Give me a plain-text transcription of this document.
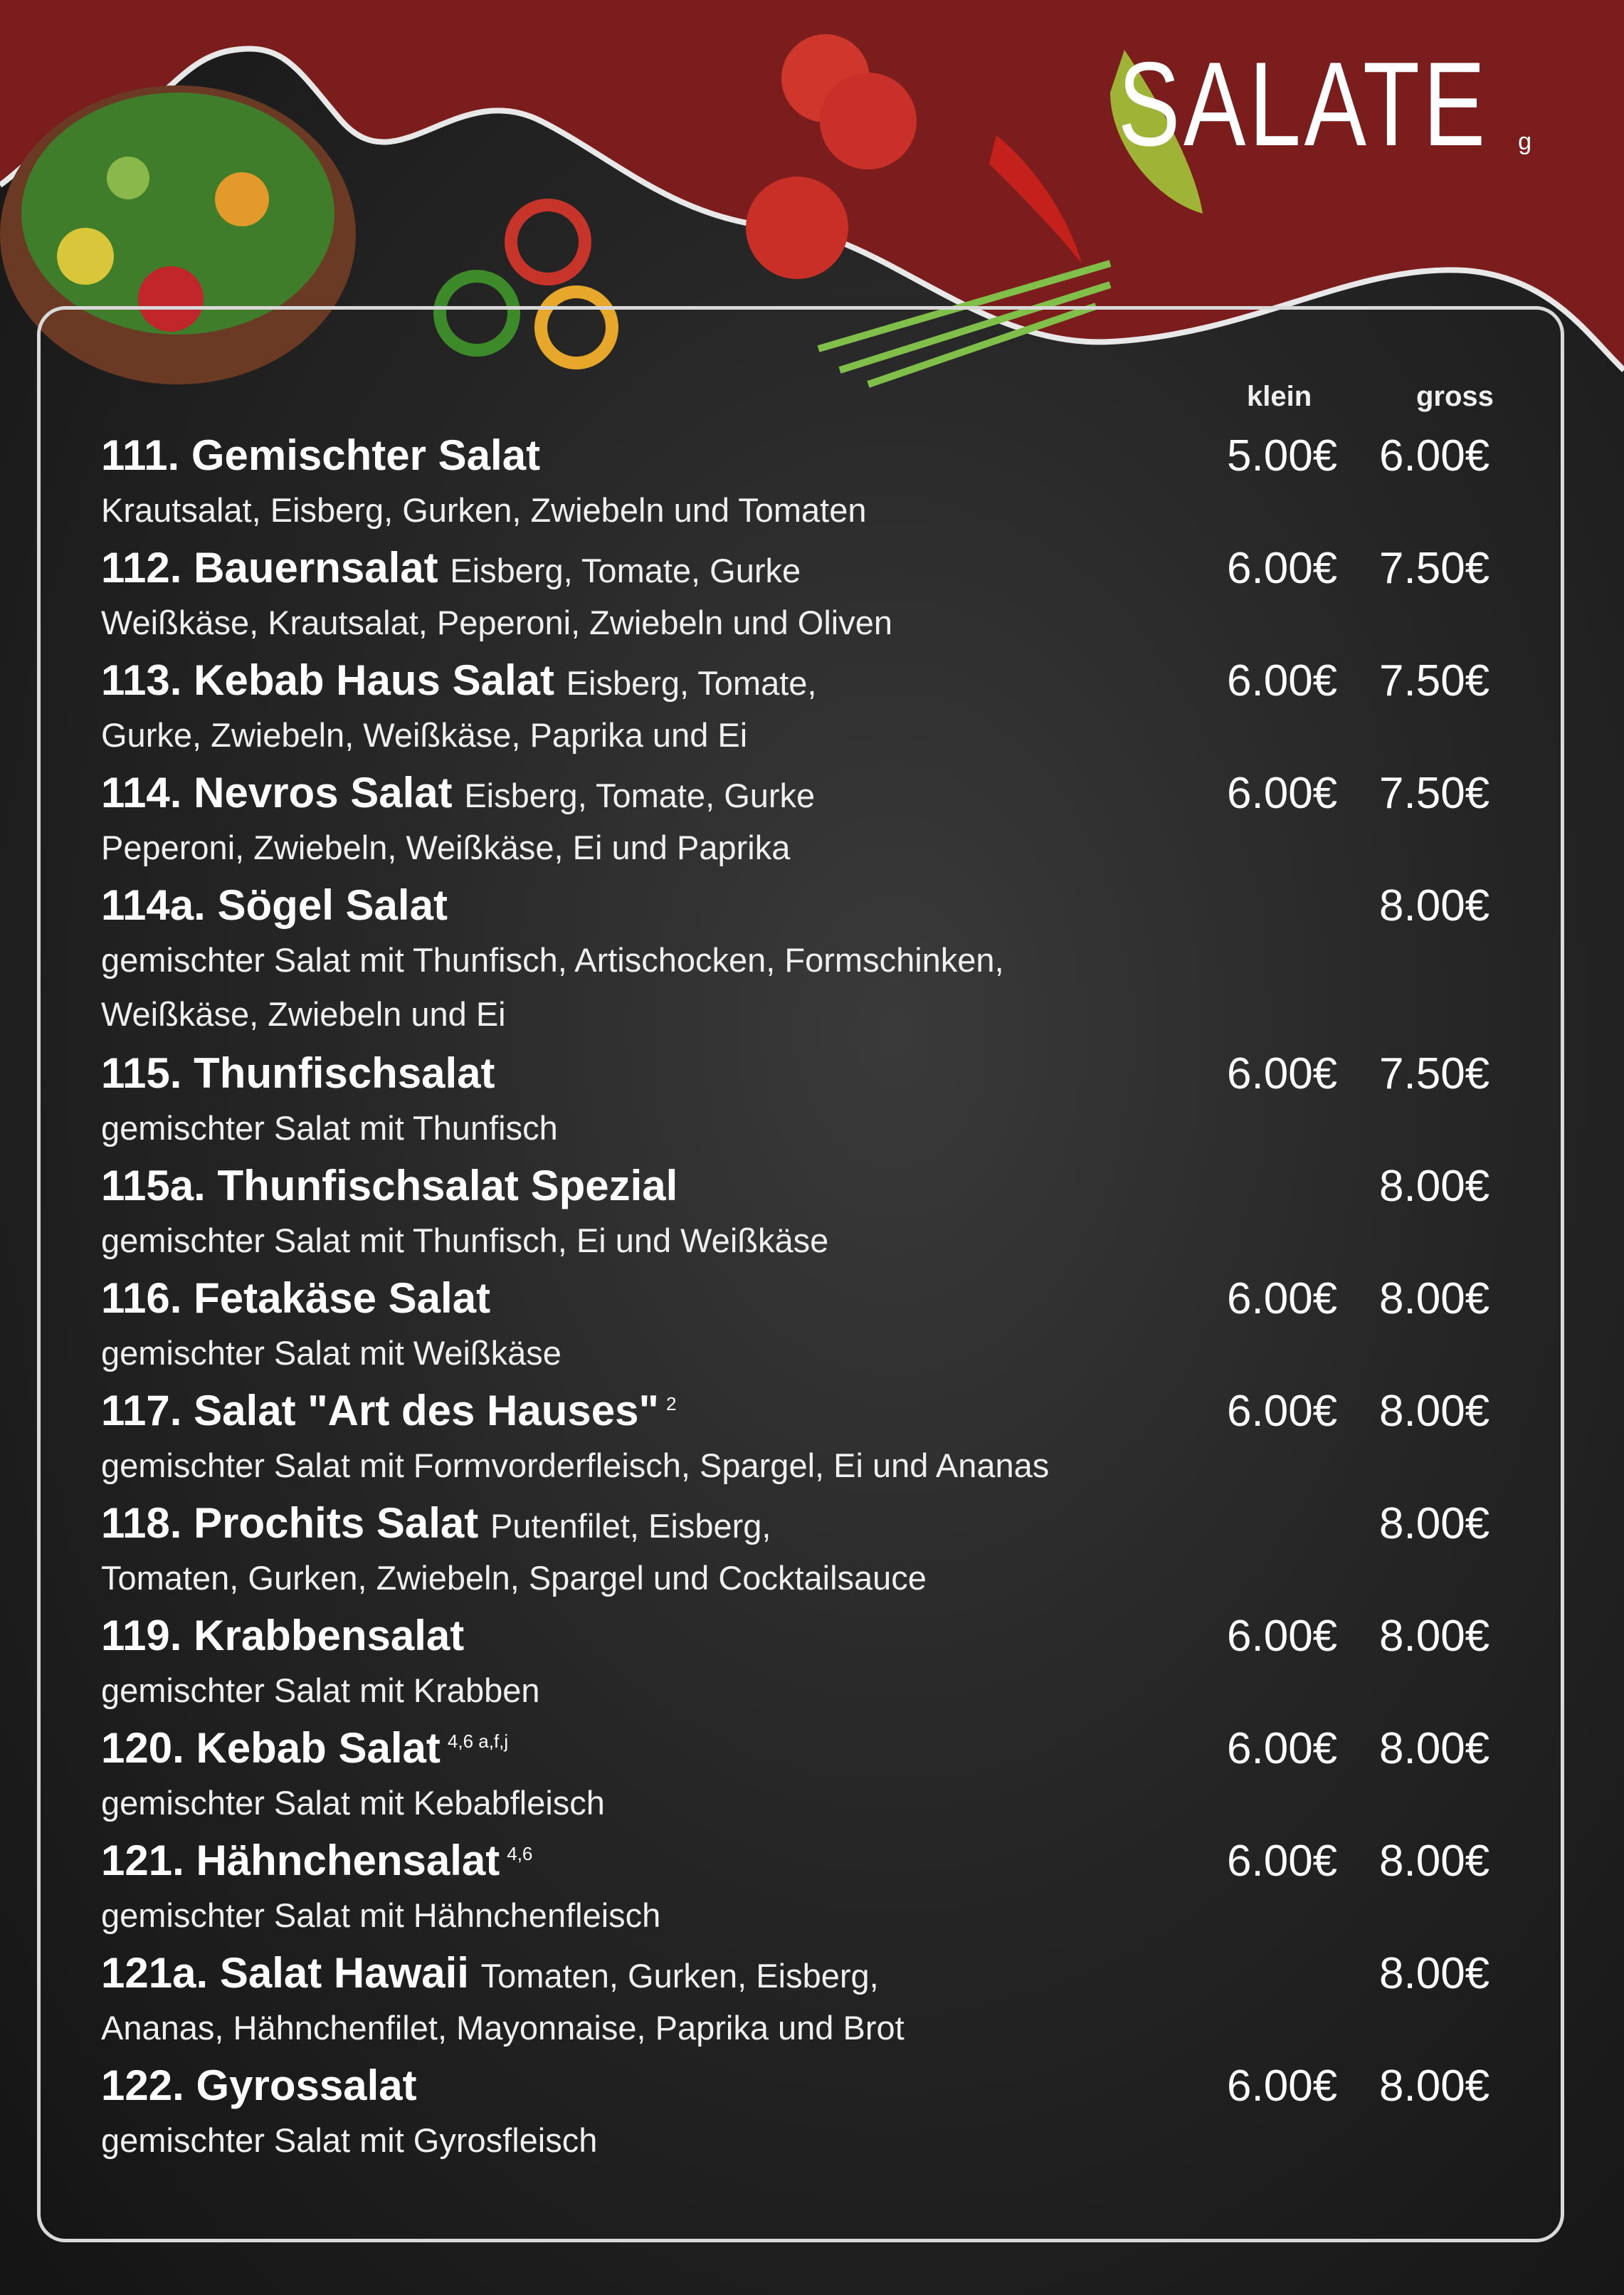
SALATE g
klein	gross
111. Gemischter Salat
Krautsalat, Eisberg, Gurken, Zwiebeln und Tomaten
5.00€ 6.00€
112. Bauernsalat Eisberg, Tomate, Gurke
Weißkäse, Krautsalat, Peperoni, Zwiebeln und Oliven
6.00€ 7.50€
113. Kebab Haus Salat Eisberg, Tomate,
Gurke, Zwiebeln, Weißkäse, Paprika und Ei
6.00€ 7.50€
114. Nevros Salat Eisberg, Tomate, Gurke
Peperoni, Zwiebeln, Weißkäse, Ei und Paprika
6.00€ 7.50€
114a. Sögel Salat
gemischter Salat mit Thunfisch, Artischocken, Formschinken,
Weißkäse, Zwiebeln und Ei
8.00€
115. Thunfischsalat
gemischter Salat mit Thunfisch
6.00€ 7.50€
115a. Thunfischsalat Spezial
gemischter Salat mit Thunfisch, Ei und Weißkäse
8.00€
116. Fetakäse Salat
gemischter Salat mit Weißkäse
6.00€ 8.00€
117. Salat "Art des Hauses" $^2$
gemischter Salat mit Formvorderfleisch, Spargel, Ei und Ananas
6.00€ 8.00€
118. Prochits Salat Putenfilet, Eisberg,
Tomaten, Gurken, Zwiebeln, Spargel und Cocktailsauce
8.00€
119. Krabbensalat
gemischter Salat mit Krabben
6.00€ 8.00€
120. Kebab Salat $^{4,6 a,f,j}$
gemischter Salat mit Kebabfleisch
6.00€ 8.00€
121. Hähnchensalat $^{4,6}$
gemischter Salat mit Hähnchenfleisch
6.00€ 8.00€
121a. Salat Hawaii Tomaten, Gurken, Eisberg,
Ananas, Hähnchenfilet, Mayonnaise, Paprika und Brot
8.00€
122. Gyrossalat
gemischter Salat mit Gyrosfleisch
6.00€ 8.00€
